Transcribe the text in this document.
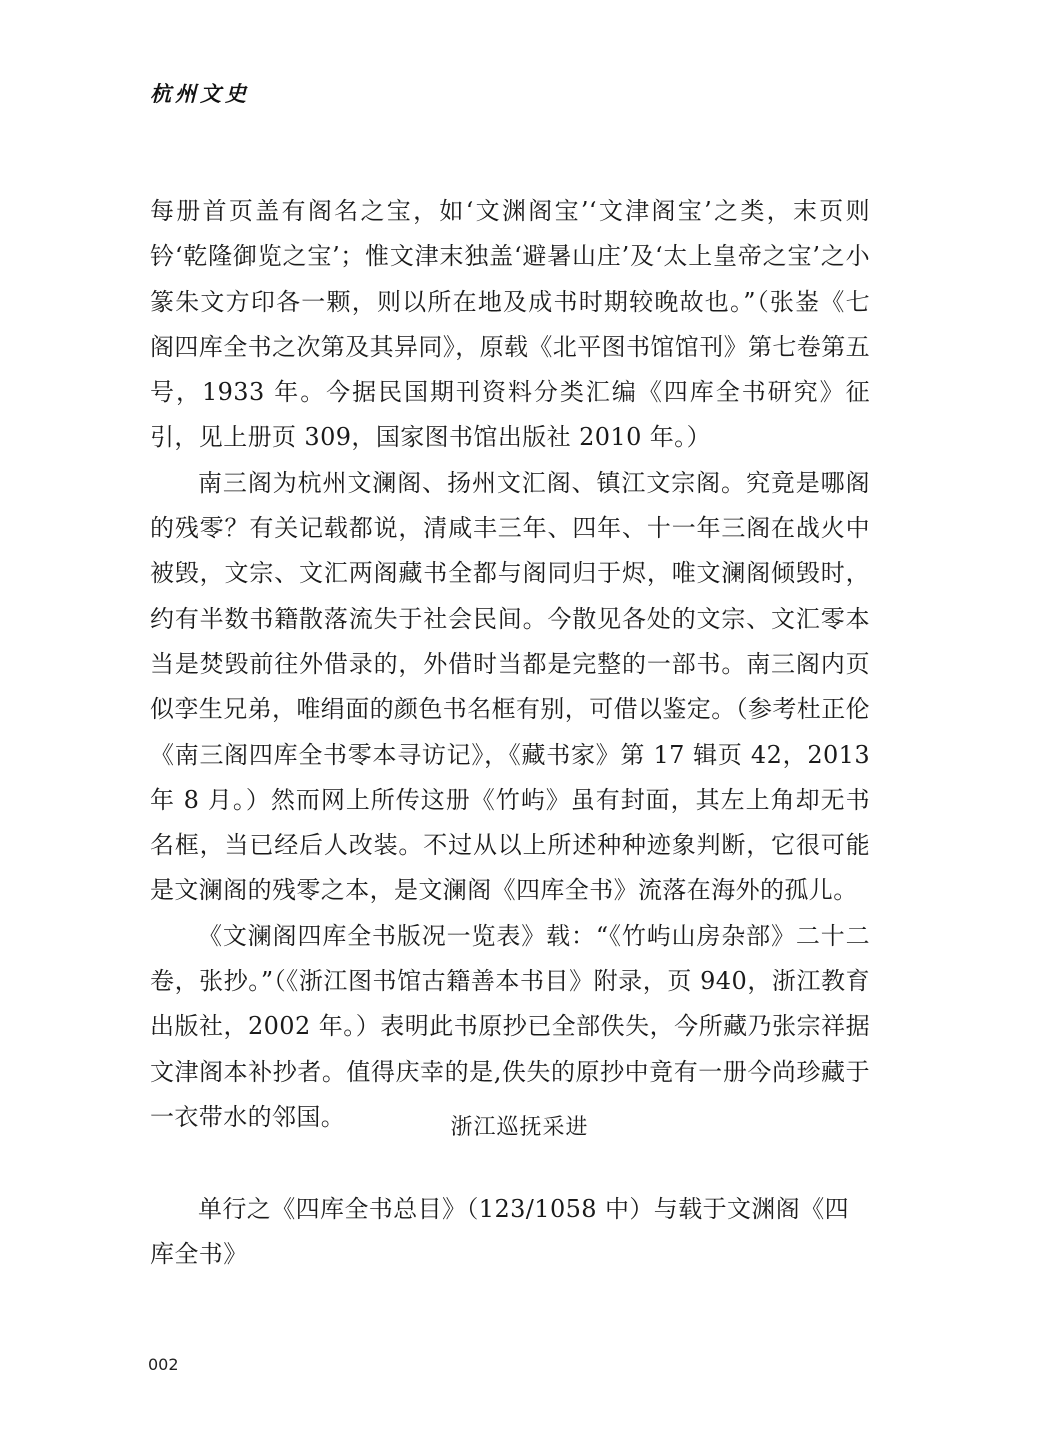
杭州文史

每册首页盖有阁名之宝，如‘文渊阁宝’‘文津阁宝’之类，末页则钤‘乾隆御览之宝’；惟文津末独盖‘避暑山庄’及‘太上皇帝之宝’之小篆朱文方印各一颗，则以所在地及成书时期较晚故也。”（张崟《七阁四库全书之次第及其异同》，原载《北平图书馆馆刊》第七卷第五号，1933 年。今据民国期刊资料分类汇编《四库全书研究》征引，见上册页 309，国家图书馆出版社 2010 年。）

南三阁为杭州文澜阁、扬州文汇阁、镇江文宗阁。究竟是哪阁的残零？有关记载都说，清咸丰三年、四年、十一年三阁在战火中被毁，文宗、文汇两阁藏书全都与阁同归于烬，唯文澜阁倾毁时，约有半数书籍散落流失于社会民间。今散见各处的文宗、文汇零本当是焚毁前往外借录的，外借时当都是完整的一部书。南三阁内页似孪生兄弟，唯绢面的颜色书名框有别，可借以鉴定。（参考杜正伦《南三阁四库全书零本寻访记》，《藏书家》第 17 辑页 42，2013 年 8 月。）然而网上所传这册《竹屿》虽有封面，其左上角却无书名框，当已经后人改装。不过从以上所述种种迹象判断，它很可能是文澜阁的残零之本，是文澜阁《四库全书》流落在海外的孤儿。

《文澜阁四库全书版况一览表》载：“《竹屿山房杂部》二十二卷，张抄。”（《浙江图书馆古籍善本书目》附录，页 940，浙江教育出版社，2002 年。）表明此书原抄已全部佚失，今所藏乃张宗祥据文津阁本补抄者。值得庆幸的是,佚失的原抄中竟有一册今尚珍藏于一衣带水的邻国。	浙江巡抚采进

单行之《四库全书总目》（123/1058 中）与载于文渊阁《四库全书》

002
